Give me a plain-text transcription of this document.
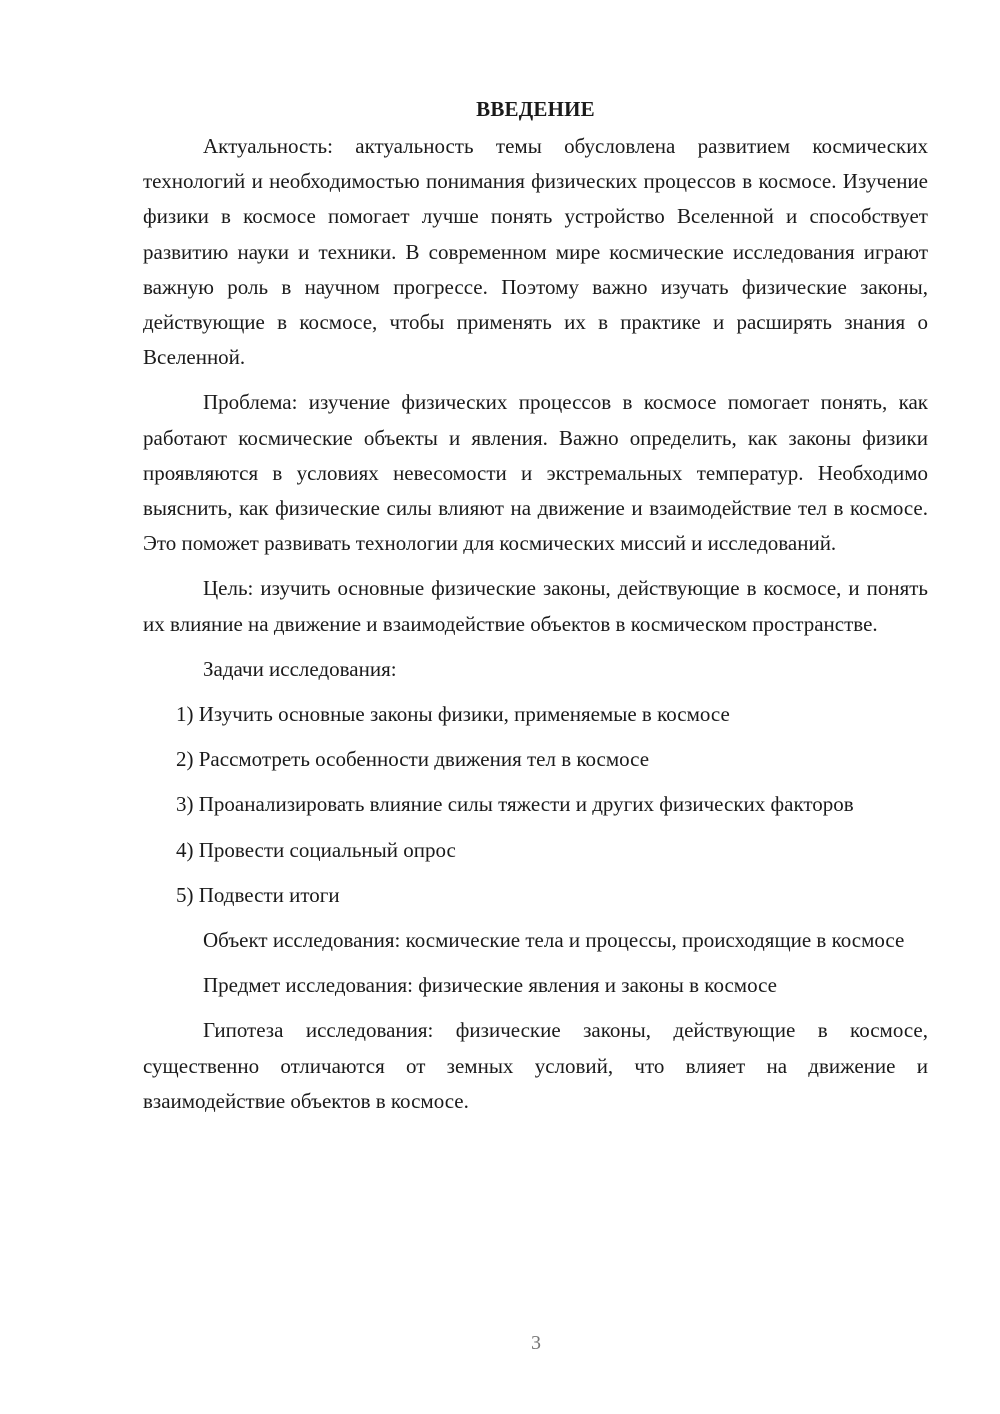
ВВЕДЕНИЕ

Актуальность: актуальность темы обусловлена развитием космических технологий и необходимостью понимания физических процессов в космосе. Изучение физики в космосе помогает лучше понять устройство Вселенной и способствует развитию науки и техники. В современном мире космические исследования играют важную роль в научном прогрессе. Поэтому важно изучать физические законы, действующие в космосе, чтобы применять их в практике и расширять знания о Вселенной.

Проблема: изучение физических процессов в космосе помогает понять, как работают космические объекты и явления. Важно определить, как законы физики проявляются в условиях невесомости и экстремальных температур. Необходимо выяснить, как физические силы влияют на движение и взаимодействие тел в космосе. Это поможет развивать технологии для космических миссий и исследований.

Цель: изучить основные физические законы, действующие в космосе, и понять их влияние на движение и взаимодействие объектов в космическом пространстве.

Задачи исследования:

1) Изучить основные законы физики, применяемые в космосе

2) Рассмотреть особенности движения тел в космосе

3) Проанализировать влияние силы тяжести и других физических факторов

4) Провести социальный опрос

5) Подвести итоги

Объект исследования: космические тела и процессы, происходящие в космосе

Предмет исследования: физические явления и законы в космосе

Гипотеза исследования: физические законы, действующие в космосе, существенно отличаются от земных условий, что влияет на движение и взаимодействие объектов в космосе.

3
